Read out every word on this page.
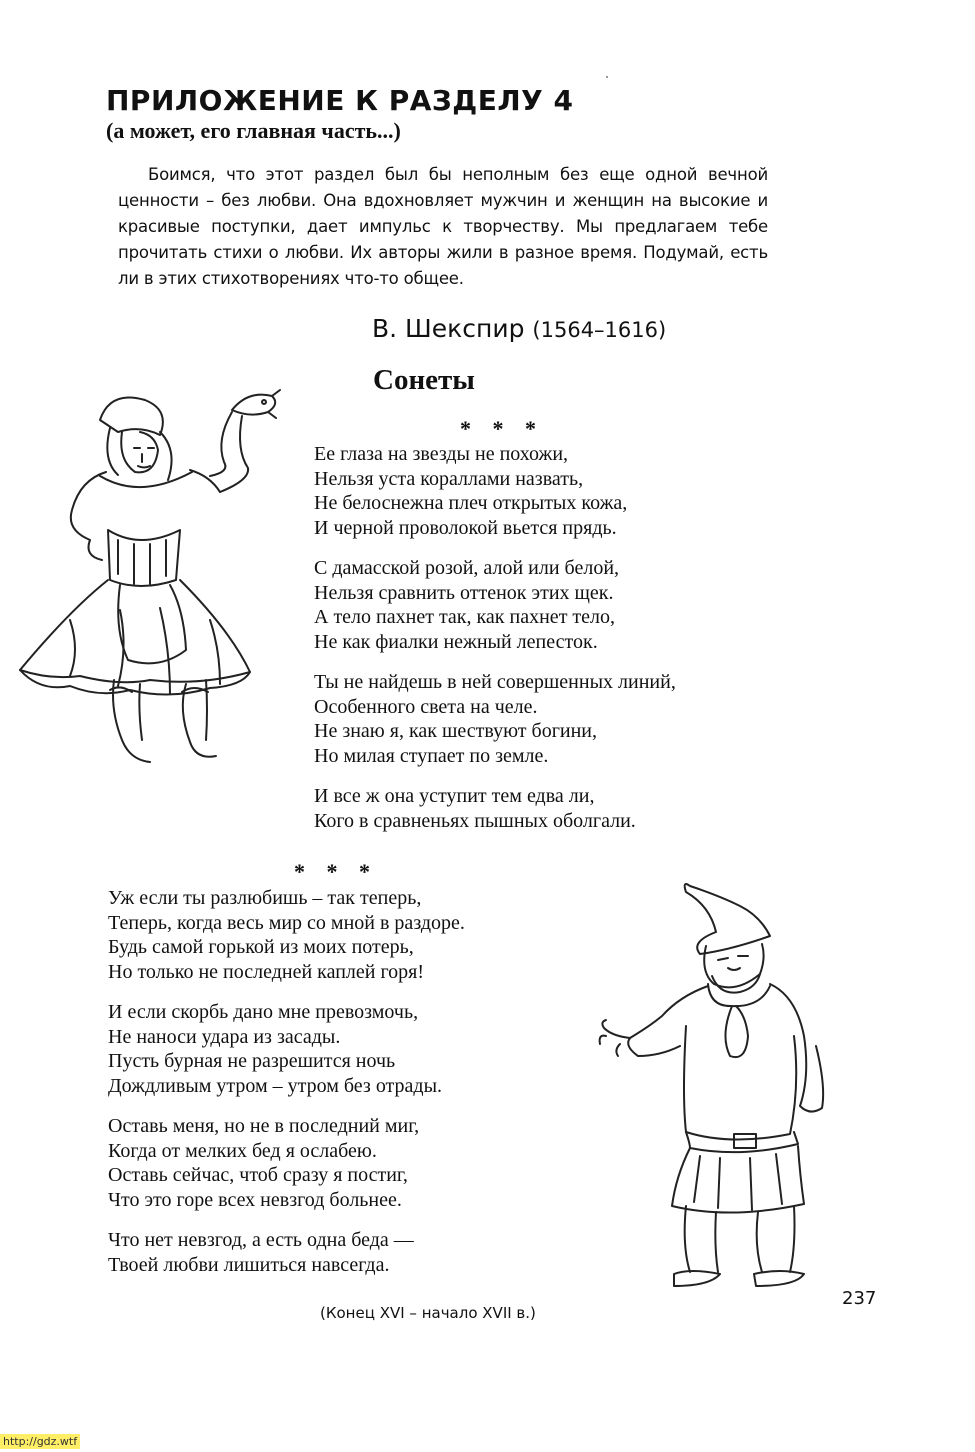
ПРИЛОЖЕНИЕ К РАЗДЕЛУ 4
(а может, его главная часть...)
Боимся, что этот раздел был бы неполным без еще одной вечной ценности – без любви. Она вдохновляет мужчин и женщин на высокие и красивые поступки, дает импульс к творчеству. Мы предлагаем тебе прочитать стихи о любви. Их авторы жили в разное время. Подумай, есть ли в этих стихотворениях что-то общее.
В. Шекспир (1564–1616)
Сонеты
* * *
Ее глаза на звезды не похожи,
Нельзя уста кораллами назвать,
Не белоснежна плеч открытых кожа,
И черной проволокой вьется прядь.
С дамасской розой, алой или белой,
Нельзя сравнить оттенок этих щек.
А тело пахнет так, как пахнет тело,
Не как фиалки нежный лепесток.
Ты не найдешь в ней совершенных линий,
Особенного света на челе.
Не знаю я, как шествуют богини,
Но милая ступает по земле.
И все ж она уступит тем едва ли,
Кого в сравненьях пышных оболгали.
* * *
Уж если ты разлюбишь – так теперь,
Теперь, когда весь мир со мной в раздоре.
Будь самой горькой из моих потерь,
Но только не последней каплей горя!
И если скорбь дано мне превозмочь,
Не наноси удара из засады.
Пусть бурная не разрешится ночь
Дождливым утром – утром без отрады.
Оставь меня, но не в последний миг,
Когда от мелких бед я ослабею.
Оставь сейчас, чтоб сразу я постиг,
Что это горе всех невзгод больнее.
Что нет невзгод, а есть одна беда —
Твоей любви лишиться навсегда.
(Конец XVI – начало XVII в.)
237
http://gdz.wtf
